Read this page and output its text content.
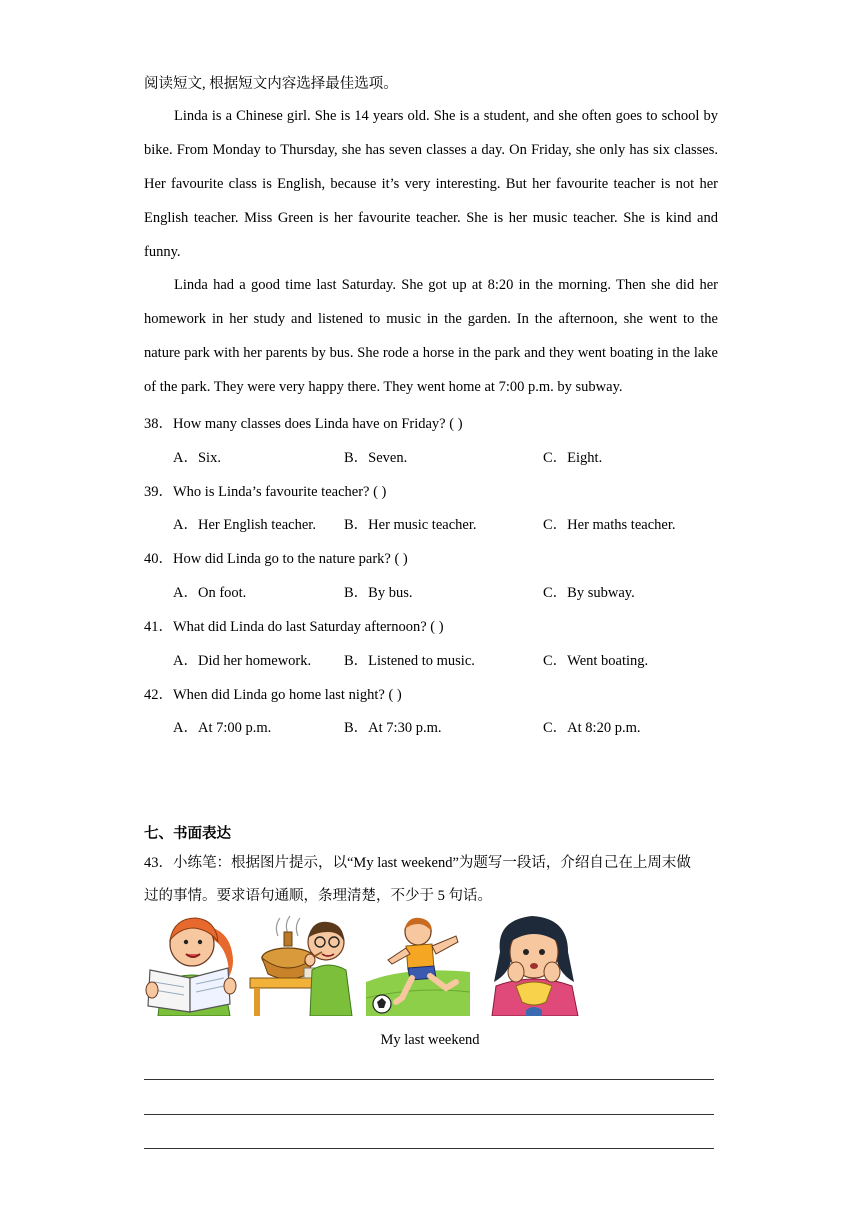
阅读短文, 根据短文内容选择最佳选项。
Linda is a Chinese girl. She is 14 years old. She is a student, and she often goes to school by bike. From Monday to Thursday, she has seven classes a day. On Friday, she only has six classes. Her favourite class is English, because it’s very interesting. But her favourite teacher is not her English teacher. Miss Green is her favourite teacher. She is her music teacher. She is kind and funny.
Linda had a good time last Saturday. She got up at 8:20 in the morning. Then she did her homework in her study and listened to music in the garden. In the afternoon, she went to the nature park with her parents by bus. She rode a horse in the park and they went boating in the lake of the park. They were very happy there. They went home at 7:00 p.m. by subway.
38．How many classes does Linda have on Friday? ( )
A．Six.	B．Seven.	C．Eight.
39．Who is Linda’s favourite teacher? ( )
A．Her English teacher. B．Her music teacher.	C．Her maths teacher.
40．How did Linda go to the nature park? ( )
A．On foot.	B．By bus.	C．By subway.
41．What did Linda do last Saturday afternoon? ( )
A．Did her homework. B．Listened to music.	C．Went boating.
42．When did Linda go home last night? ( )
A．At 7:00 p.m.	B．At 7:30 p.m.	C．At 8:20 p.m.
七、书面表达
43．小练笔：根据图片提示，以“My last weekend”为题写一段话，介绍自己在上周末做
过的事情。要求语句通顺，条理清楚，不少于 5 句话。
My last weekend
